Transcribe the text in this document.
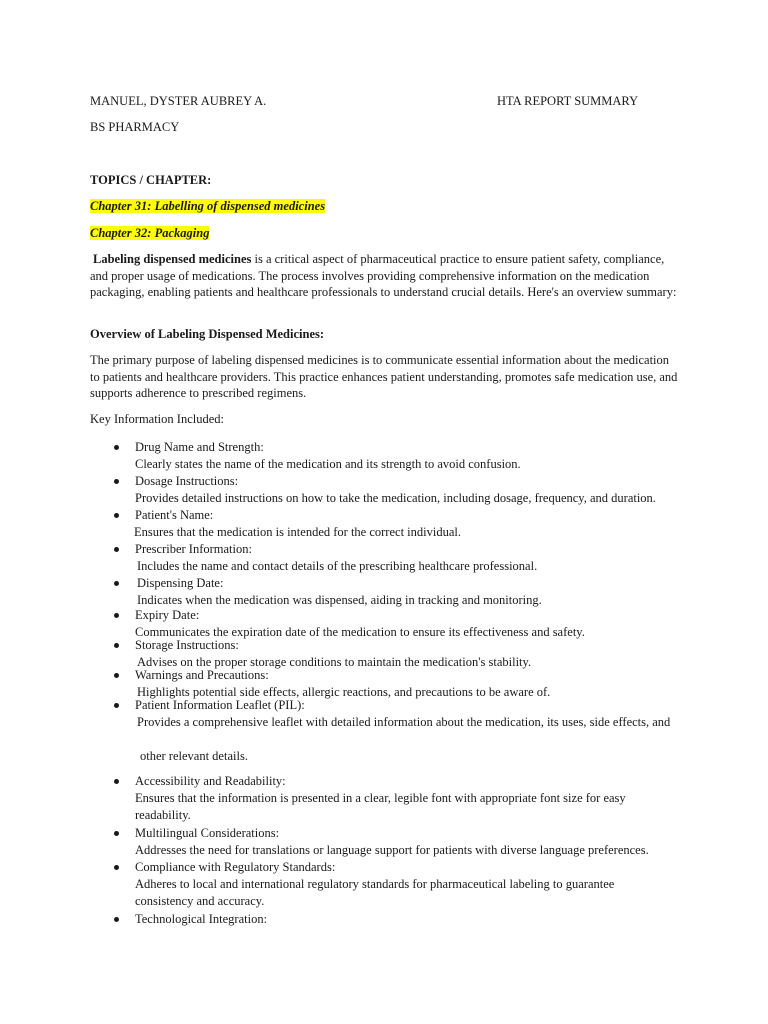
MANUEL, DYSTER AUBREY A.	HTA REPORT SUMMARY
BS PHARMACY
TOPICS / CHAPTER:
Chapter 31: Labelling of dispensed medicines
Chapter 32: Packaging
Labeling dispensed medicines is a critical aspect of pharmaceutical practice to ensure patient safety, compliance, and proper usage of medications. The process involves providing comprehensive information on the medication packaging, enabling patients and healthcare professionals to understand crucial details. Here's an overview summary:
Overview of Labeling Dispensed Medicines:
The primary purpose of labeling dispensed medicines is to communicate essential information about the medication to patients and healthcare providers. This practice enhances patient understanding, promotes safe medication use, and supports adherence to prescribed regimens.
Key Information Included:
Drug Name and Strength:
Clearly states the name of the medication and its strength to avoid confusion.
Dosage Instructions:
Provides detailed instructions on how to take the medication, including dosage, frequency, and duration.
Patient's Name:
Ensures that the medication is intended for the correct individual.
Prescriber Information:
Includes the name and contact details of the prescribing healthcare professional.
Dispensing Date:
Indicates when the medication was dispensed, aiding in tracking and monitoring.
Expiry Date:
Communicates the expiration date of the medication to ensure its effectiveness and safety.
Storage Instructions:
Advises on the proper storage conditions to maintain the medication's stability.
Warnings and Precautions:
Highlights potential side effects, allergic reactions, and precautions to be aware of.
Patient Information Leaflet (PIL):
Provides a comprehensive leaflet with detailed information about the medication, its uses, side effects, and
other relevant details.
Accessibility and Readability:
Ensures that the information is presented in a clear, legible font with appropriate font size for easy readability.
Multilingual Considerations:
Addresses the need for translations or language support for patients with diverse language preferences.
Compliance with Regulatory Standards:
Adheres to local and international regulatory standards for pharmaceutical labeling to guarantee consistency and accuracy.
Technological Integration:
